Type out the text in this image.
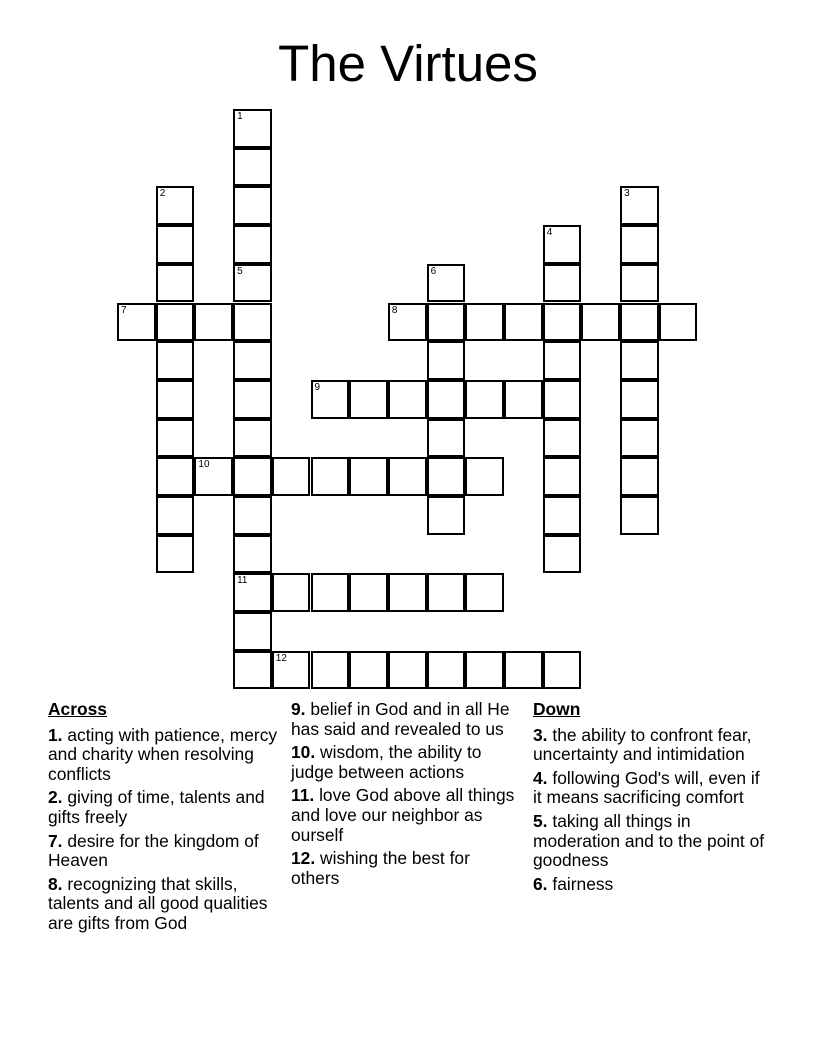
The Virtues
1
5
2	3
4
11
6
7	8
9
10
12
Across
1. acting with patience, mercy and charity when resolving conflicts
2. giving of time, talents and gifts freely
7. desire for the kingdom of Heaven
8. recognizing that skills, talents and all good qualities are gifts from God
9. belief in God and in all He has said and revealed to us
10. wisdom, the ability to judge between actions
11. love God above all things and love our neighbor as ourself
12. wishing the best for others
Down
3. the ability to confront fear, uncertainty and intimidation
4. following God's will, even if it means sacrificing comfort
5. taking all things in moderation and to the point of goodness
6. fairness
